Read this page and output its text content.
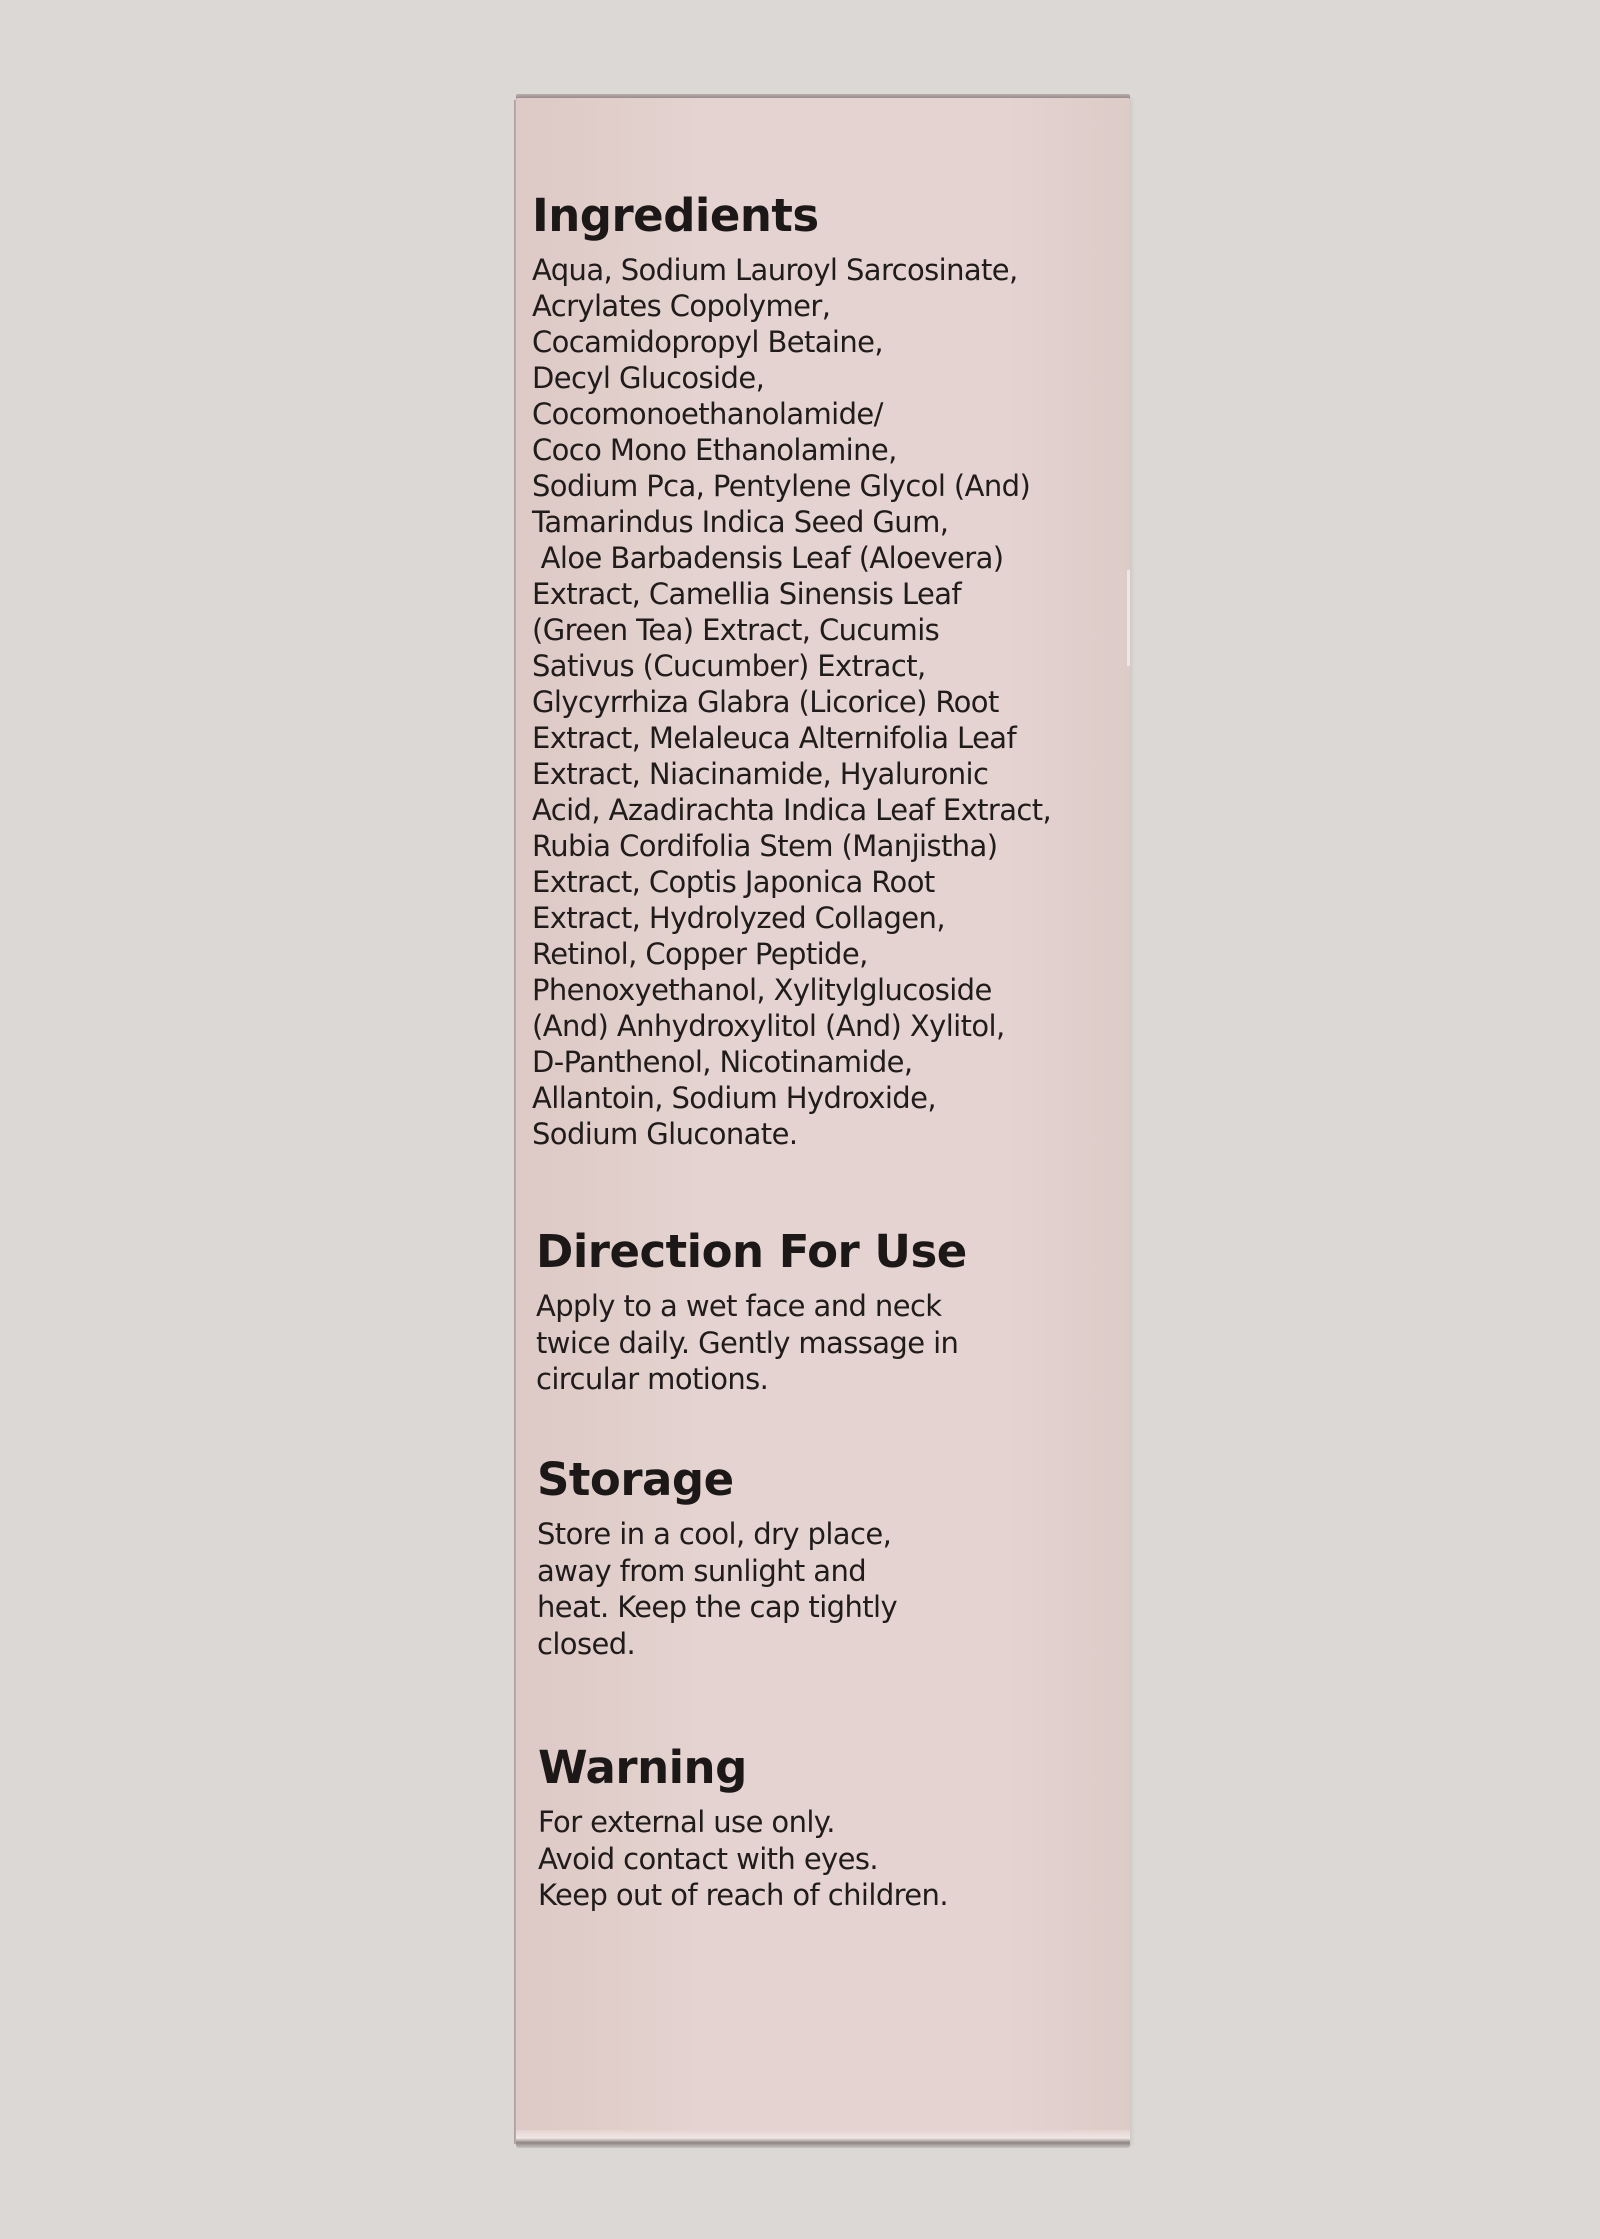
Ingredients

Aqua, Sodium Lauroyl Sarcosinate,

Acrylates Copolymer,

Cocamidopropyl Betaine,

Decyl Glucoside,

Cocomonoethanolamide/

Coco Mono Ethanolamine,

Sodium Pca, Pentylene Glycol (And)

Tamarindus Indica Seed Gum,

Aloe Barbadensis Leaf (Aloevera)

Extract, Camellia Sinensis Leaf

(Green Tea) Extract, Cucumis

Sativus (Cucumber) Extract,

Glycyrrhiza Glabra (Licorice) Root

Extract, Melaleuca Alternifolia Leaf

Extract, Niacinamide, Hyaluronic

Acid, Azadirachta Indica Leaf Extract,

Rubia Cordifolia Stem (Manjistha)

Extract, Coptis Japonica Root

Extract, Hydrolyzed Collagen,

Retinol, Copper Peptide,

Phenoxyethanol, Xylitylglucoside

(And) Anhydroxylitol (And) Xylitol,

D-Panthenol, Nicotinamide,

Allantoin, Sodium Hydroxide,

Sodium Gluconate.

Direction For Use

Apply to a wet face and neck

twice daily. Gently massage in

circular motions.

Storage

Store in a cool, dry place,

away from sunlight and

heat. Keep the cap tightly

closed.

Warning

For external use only.

Avoid contact with eyes.

Keep out of reach of children.
